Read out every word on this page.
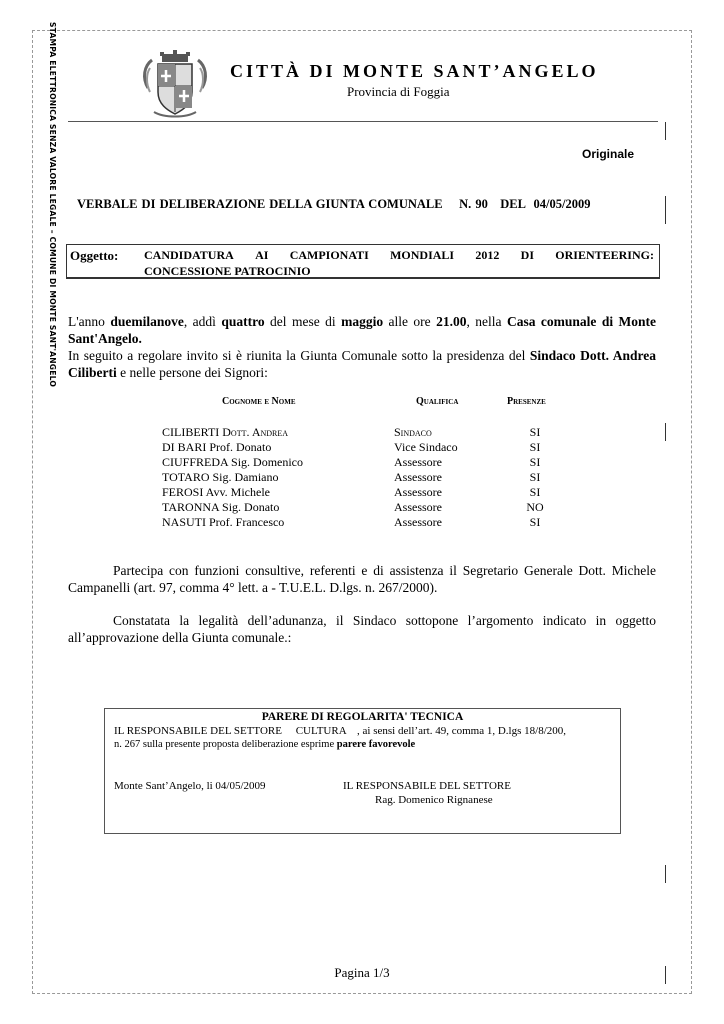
STAMPA ELETTRONICA SENZA VALORE LEGALE – COMUNE DI MONTE SANT'ANGELO	CITTÀ DI MONTE SANT’ANGELO
Provincia di Foggia
Originale
VERBALE DI DELIBERAZIONE DELLA GIUNTA COMUNALE    N. 90   DEL  04/05/2009
Oggetto: CANDIDATURA AI CAMPIONATI MONDIALI 2012 DI ORIENTEERING:
CONCESSIONE PATROCINIO
L'anno duemilanove, addì quattro del mese di maggio alle ore 21.00, nella Casa comunale di Monte Sant'Angelo.
In seguito a regolare invito si è riunita la Giunta Comunale sotto la presidenza del Sindaco Dott. Andrea Ciliberti e nelle persone dei Signori:
Cognome e Nome	Qualifica	Presenze
CILIBERTI Dott. Andrea	Sindaco	SI
DI BARI Prof. Donato	Vice Sindaco	SI
CIUFFREDA Sig. Domenico	Assessore	SI
TOTARO Sig. Damiano	Assessore	SI
FEROSI Avv. Michele	Assessore	SI
TARONNA Sig. Donato	Assessore	NO
NASUTI Prof. Francesco	Assessore	SI
Partecipa con funzioni consultive, referenti e di assistenza il Segretario Generale Dott. Michele Campanelli (art. 97, comma 4° lett. a - T.U.E.L. D.lgs. n. 267/2000).
Constatata la legalità dell’adunanza, il Sindaco sottopone l’argomento indicato in oggetto all’approvazione della Giunta comunale.:
PARERE DI REGOLARITA' TECNICA
IL RESPONSABILE DEL SETTORE     CULTURA    , ai sensi dell’art. 49, comma 1, D.lgs 18/8/200,
n. 267 sulla presente proposta deliberazione esprime parere favorevole
Monte Sant’Angelo, li 04/05/2009	IL RESPONSABILE DEL SETTORE
Rag. Domenico Rignanese
Pagina 1/3
